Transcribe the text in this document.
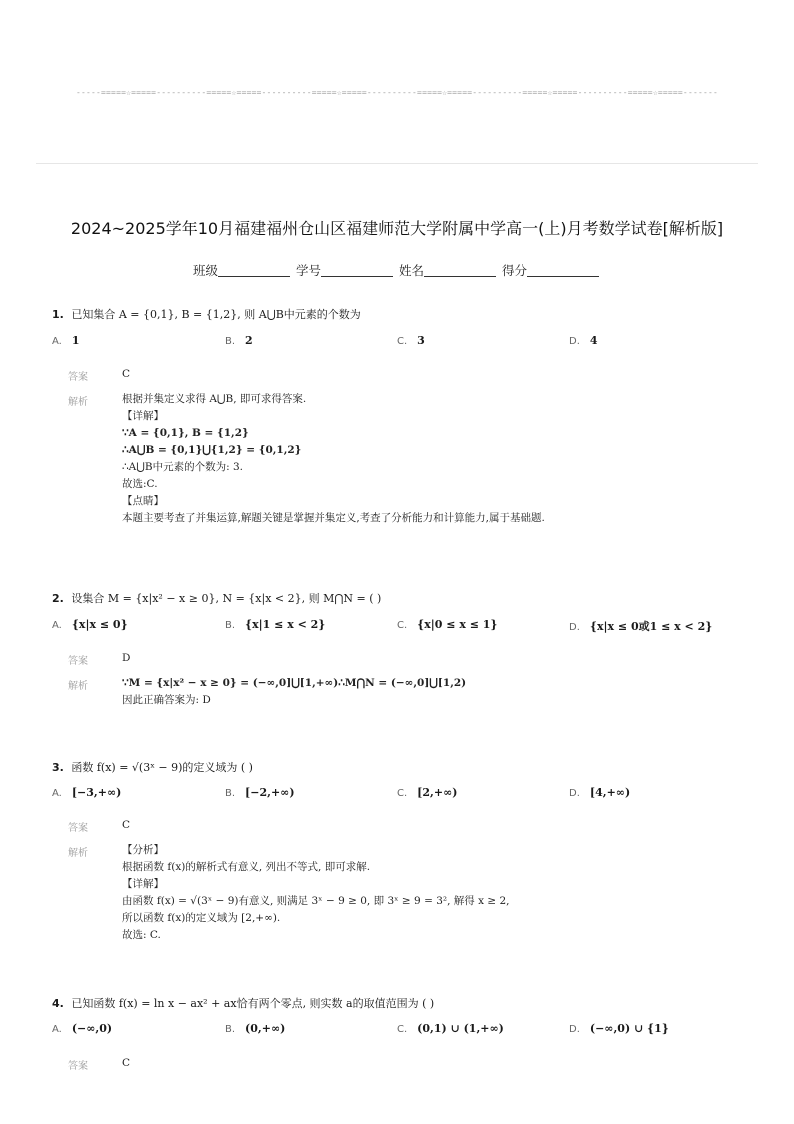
-----=====☆=====----------=====☆=====----------=====☆=====----------=====☆=====----------=====☆=====----------=====☆=====-------
2024~2025学年10月福建福州仓山区福建师范大学附属中学高一(上)月考数学试卷[解析版]
班级	学号	姓名	得分
1. 已知集合 A = {0,1}, B = {1,2}, 则 A⋃B中元素的个数为
A. 1	B. 2	C. 3	D. 4
答案	C
解析	根据并集定义求得 A⋃B, 即可求得答案.
【详解】
∵A = {0,1}, B = {1,2}
∴A⋃B = {0,1}⋃{1,2} = {0,1,2}
∴A⋃B中元素的个数为: 3.
故选:C.
【点睛】
本题主要考查了并集运算,解题关键是掌握并集定义,考查了分析能力和计算能力,属于基础题.
2. 设集合 M = {x|x² − x ≥ 0}, N = {x|x < 2}, 则 M⋂N = ( )
A. {x|x ≤ 0}	B. {x|1 ≤ x < 2}	C. {x|0 ≤ x ≤ 1}	D. {x|x ≤ 0或1 ≤ x < 2}
答案	D
解析	∵M = {x|x² − x ≥ 0} = (−∞,0]⋃[1,+∞)∴M⋂N = (−∞,0]⋃[1,2)
因此正确答案为: D
3. 函数 f(x) = √(3ˣ − 9)的定义域为 ( )
A. [−3,+∞)	B. [−2,+∞)	C. [2,+∞)	D. [4,+∞)
答案	C
解析	【分析】
根据函数 f(x)的解析式有意义, 列出不等式, 即可求解.
【详解】
由函数 f(x) = √(3ˣ − 9)有意义, 则满足 3ˣ − 9 ≥ 0, 即 3ˣ ≥ 9 = 3², 解得 x ≥ 2,
所以函数 f(x)的定义域为 [2,+∞).
故选: C.
4. 已知函数 f(x) = ln x − ax² + ax恰有两个零点, 则实数 a的取值范围为 ( )
A. (−∞,0)	B. (0,+∞)	C. (0,1) ∪ (1,+∞)	D. (−∞,0) ∪ {1}
答案	C
